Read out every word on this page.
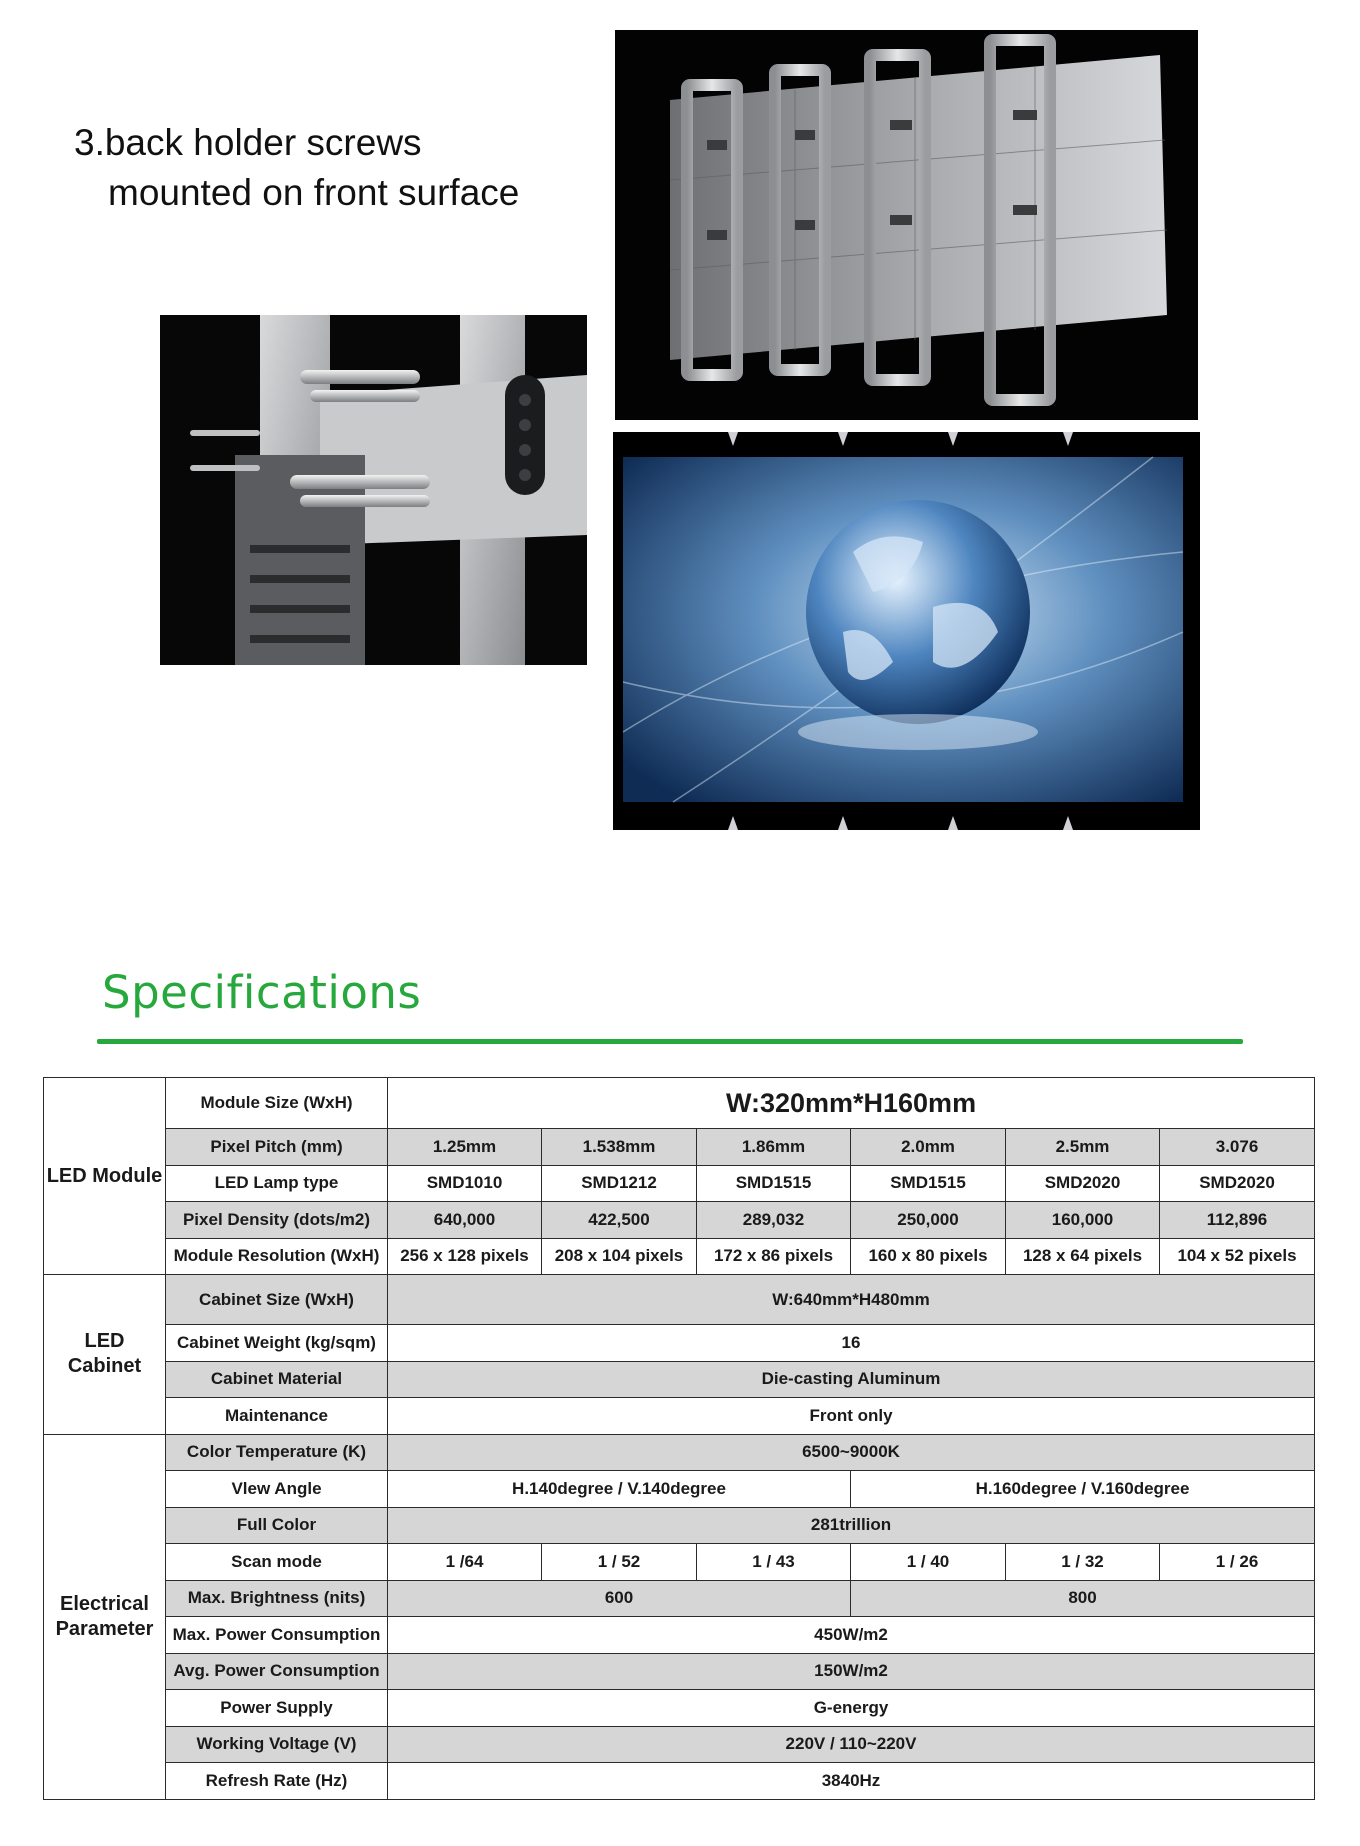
3.back holder screws
mounted on front surface
Specifications
LED Module	Module Size (WxH)	W:320mm*H160mm					
	Pixel Pitch (mm)	1.25mm	1.538mm	1.86mm	2.0mm	2.5mm	3.076
	LED Lamp type	SMD1010	SMD1212	SMD1515	SMD1515	SMD2020	SMD2020
	Pixel Density (dots/m2)	640,000	422,500	289,032	250,000	160,000	112,896
	Module Resolution (WxH)	256 x 128 pixels	208 x 104 pixels	172 x 86 pixels	160 x 80 pixels	128 x 64 pixels	104 x 52 pixels
LED Cabinet	Cabinet Size (WxH)	W:640mm*H480mm					
	Cabinet Weight (kg/sqm)	16					
	Cabinet Material	Die-casting Aluminum					
	Maintenance	Front only					
Electrical Parameter	Color Temperature (K)	6500~9000K					
	Vlew Angle	H.140degree / V.140degree			H.160degree / V.160degree		
	Full Color	281trillion					
	Scan mode	1 /64	1 / 52	1 / 43	1 / 40	1 / 32	1 / 26
	Max. Brightness (nits)	600			800		
	Max. Power Consumption	450W/m2					
	Avg. Power Consumption	150W/m2					
	Power Supply	G-energy					
	Working Voltage (V)	220V / 110~220V					
	Refresh Rate (Hz)	3840Hz					
